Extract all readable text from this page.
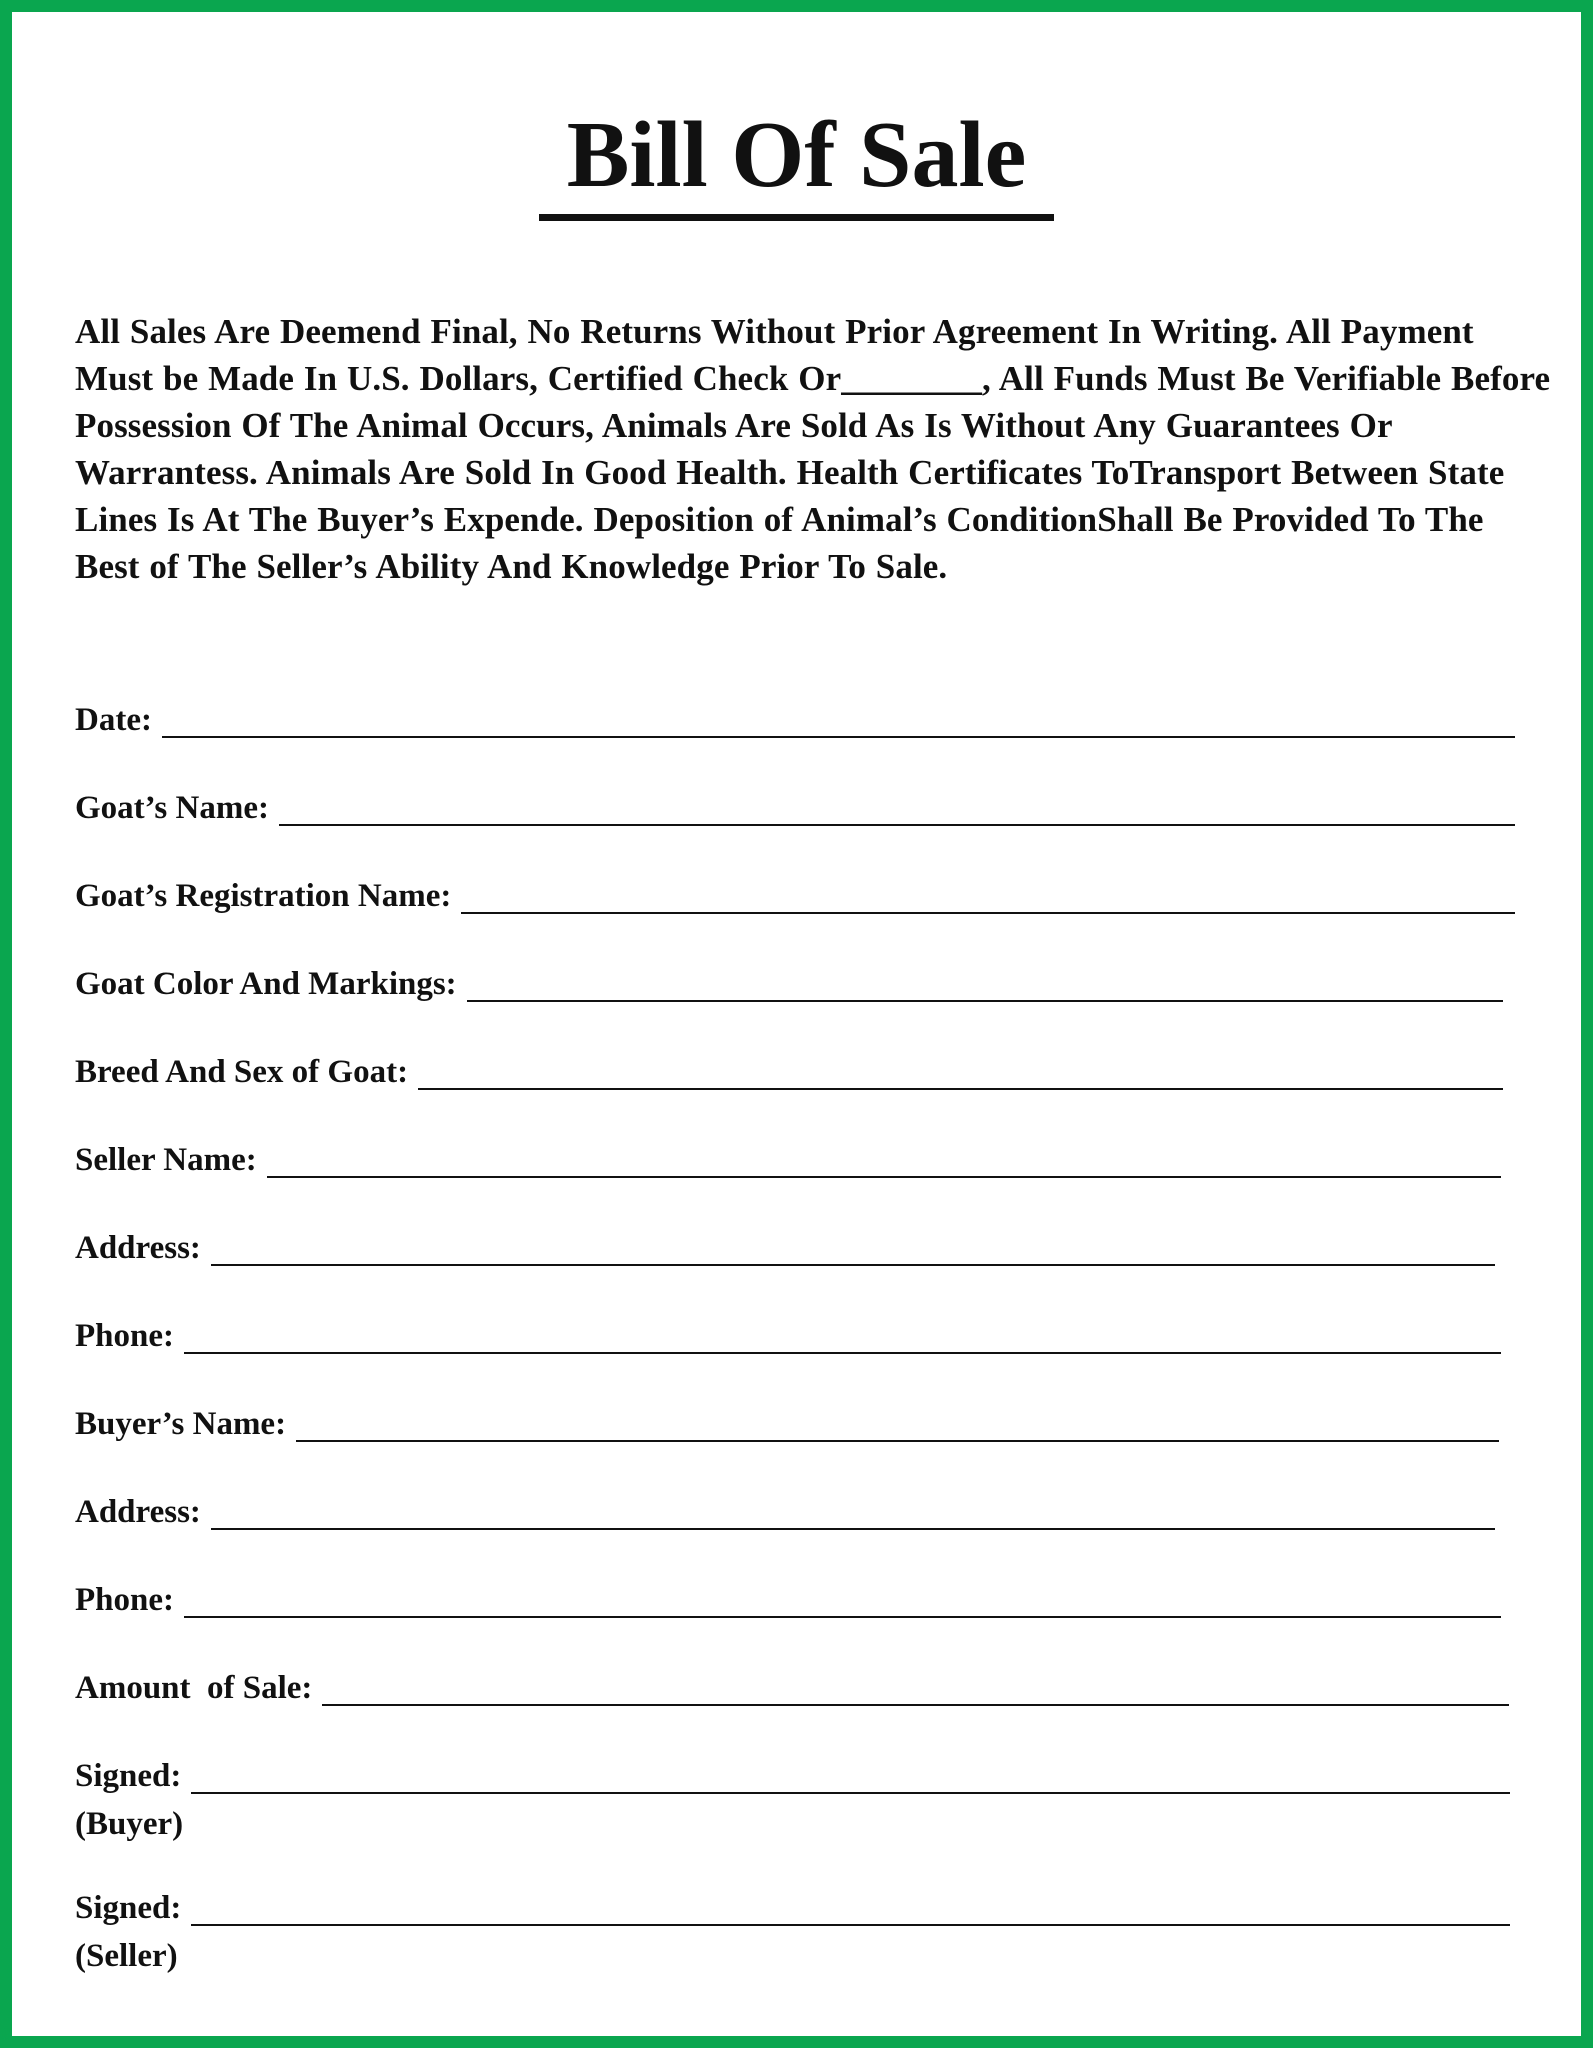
Bill Of Sale
All Sales Are Deemend Final, No Returns Without Prior Agreement In Writing. All Payment Must be Made In U.S. Dollars, Certified Check Or________, All Funds Must Be Verifiable Before Possession Of The Animal Occurs, Animals Are Sold As Is Without Any Guarantees Or Warrantess. Animals Are Sold In Good Health. Health Certificates ToTransport Between State Lines Is At The Buyer’s Expende. Deposition of Animal’s ConditionShall Be Provided To The Best of The Seller’s Ability And Knowledge Prior To Sale.
Date:
Goat’s Name:
Goat’s Registration Name:
Goat Color And Markings:
Breed And Sex of Goat:
Seller Name:
Address:
Phone:
Buyer’s Name:
Address:
Phone:
Amount  of Sale:
Signed:
(Buyer)
Signed:
(Seller)
